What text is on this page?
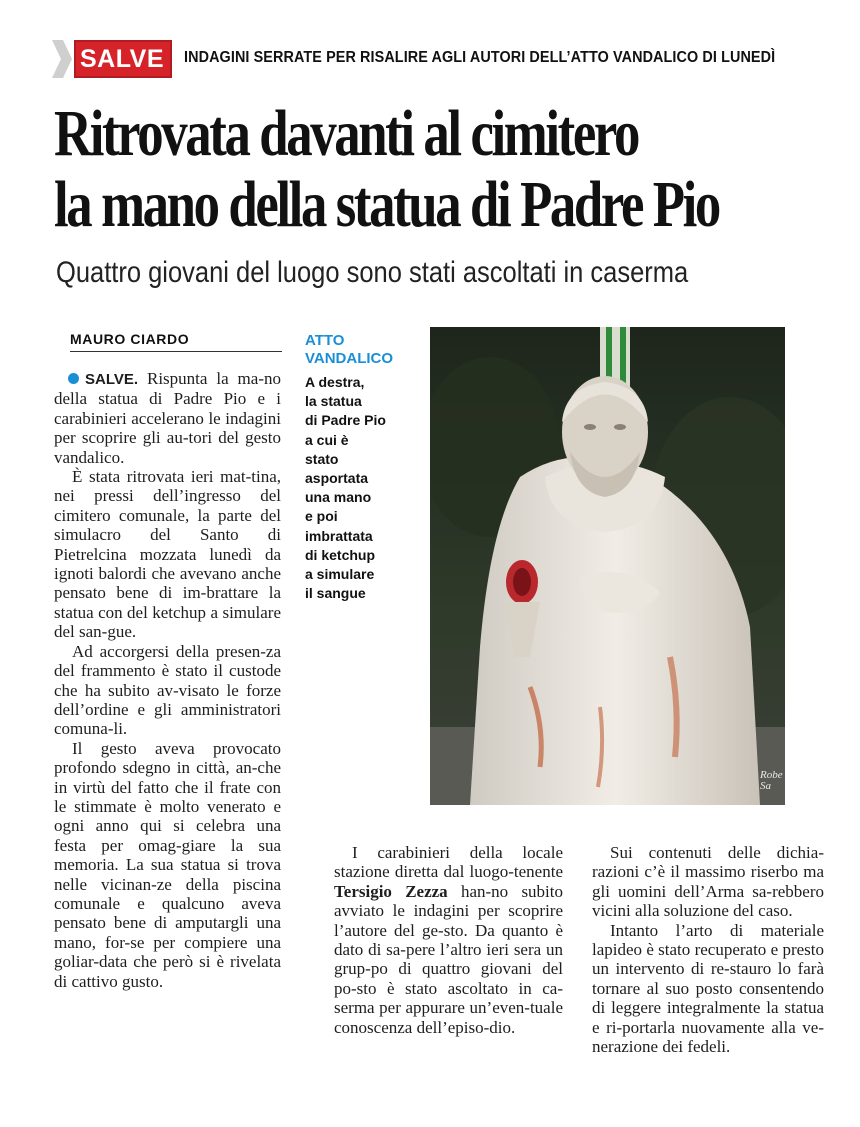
SALVE	INDAGINI SERRATE PER RISALIRE AGLI AUTORI DELL’ATTO VANDALICO DI LUNEDÌ
Ritrovata davanti al cimitero
la mano della statua di Padre Pio
Quattro giovani del luogo sono stati ascoltati in caserma
MAURO CIARDO

SALVE. Rispunta la ma-no della statua di Padre Pio e i carabinieri accelerano le indagini per scoprire gli au-tori del gesto vandalico.

È stata ritrovata ieri mat-tina, nei pressi dell’ingresso del cimitero comunale, la parte del simulacro del Santo di Pietrelcina mozzata lunedì da ignoti balordi che avevano anche pensato bene di im-brattare la statua con del ketchup a simulare del san-gue.

Ad accorgersi della presen-za del frammento è stato il custode che ha subito av-visato le forze dell’ordine e gli amministratori comuna-li.

Il gesto aveva provocato profondo sdegno in città, an-che in virtù del fatto che il frate con le stimmate è molto venerato e ogni anno qui si celebra una festa per omag-giare la sua memoria. La sua statua si trova nelle vicinan-ze della piscina comunale e qualcuno aveva pensato bene di amputargli una mano, for-se per compiere una goliar-data che però si è rivelata di cattivo gusto.

ATTO
VANDALICO
A destra,
la statua
di Padre Pio
a cui è
stato
asportata
una mano
e poi
imbrattata
di ketchup
a simulare
il sangue
Robe
Sa

I carabinieri della locale stazione diretta dal luogo-tenente Tersigio Zezza han-no subito avviato le indagini per scoprire l’autore del ge-sto. Da quanto è dato di sa-pere l’altro ieri sera un grup-po di quattro giovani del po-sto è stato ascoltato in ca-serma per appurare un’even-tuale conoscenza dell’episo-dio.

Sui contenuti delle dichia-razioni c’è il massimo riserbo ma gli uomini dell’Arma sa-rebbero vicini alla soluzione del caso.

Intanto l’arto di materiale lapideo è stato recuperato e presto un intervento di re-stauro lo farà tornare al suo posto consentendo di leggere integralmente la statua e ri-portarla nuovamente alla ve-nerazione dei fedeli.
